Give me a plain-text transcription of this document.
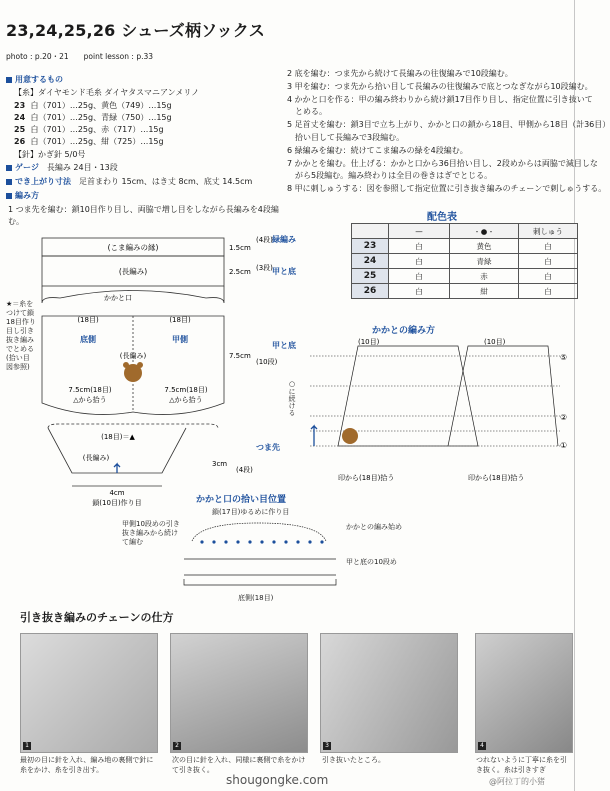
23,24,25,26 シューズ柄ソックス
photo : p.20・21　　point lesson : p.33
用意するもの
【糸】ダイヤモンド毛糸 ダイヤタスマニアンメリノ
23 白（701）…25g、黄色（749）…15g
24 白（701）…25g、青緑（750）…15g
25 白（701）…25g、赤（717）…15g
26 白（701）…25g、紺（725）…15g
【針】かぎ針 5/0号
ゲージ　 長編み 24目・13段
でき上がり寸法　 足首まわり 15cm、はき丈 8cm、底丈 14.5cm
編み方
1 つま先を編む：鎖10目作り目し、両脇で増し目をしながら長編みを4段編
む。
2 底を編む：つま先から続けて長編みの往復編みで10段編む。
3 甲を編む：つま先から拾い目して長編みの往復編みで底とつなぎながら10段編む。
4 かかと口を作る：甲の編み終わりから続け鎖17目作り目し、指定位置に引き抜いて
　とめる。
5 足首丈を編む：鎖3目で立ち上がり、かかと口の鎖から18目、甲側から18目（計36目）
　拾い目して長編みで3段編む。
6 緑編みを編む：続けてこま編みの緑を4段編む。
7 かかとを編む。仕上げる：かかと口から36目拾い目し、2段めからは両脇で減目しな
　がら5段編む。編み終わりは全目の巻きはぎでとじる。
8 甲に刺しゅうする：図を参照して指定位置に引き抜き編みのチェーンで刺しゅうする。
配色表
	—	- ● -	刺しゅう
23	白	黄色	白
24	白	青緑	白
25	白	赤	白
26	白	紺	白
(こま編みの縁)
(長編み)
かかと口
(18目)	(18目)
底側	甲側
(長編み)
7.5cm(18目)
△から拾う
7.5cm(18目)
△から拾う
(18目)＝▲
(長編み)
4cm
鎖(10目)作り目
1.5cm
2.5cm
7.5cm
3cm
(4段)
(3段)
(10段)
(4段)
緑編み
甲と底
甲と底
つま先
★＝糸をつけて鎖18目作り目し引き抜き編みでとめる(拾い目図参照)
かかとの編み方
(10目)	(10目)
⑤
②
①
印から(18目)拾う	印から(18目)拾う
○に続ける
かかと口の拾い目位置
鎖(17目)ゆるめに作り目
甲側10段めの引き抜き編みから続けて編む
かかとの編み始め
甲と底の10段め
底側(18目)
引き抜き編みのチェーンの仕方
1	2	3	4
最初の目に針を入れ、編み地の裏側で針に糸をかけ、糸を引き出す。
次の目に針を入れ、同様に裏側で糸をかけて引き抜く。
引き抜いたところ。	つれないように丁寧に糸を引き抜く。糸は引きすぎ
shougongke.com	@阿拉丁的小猪
